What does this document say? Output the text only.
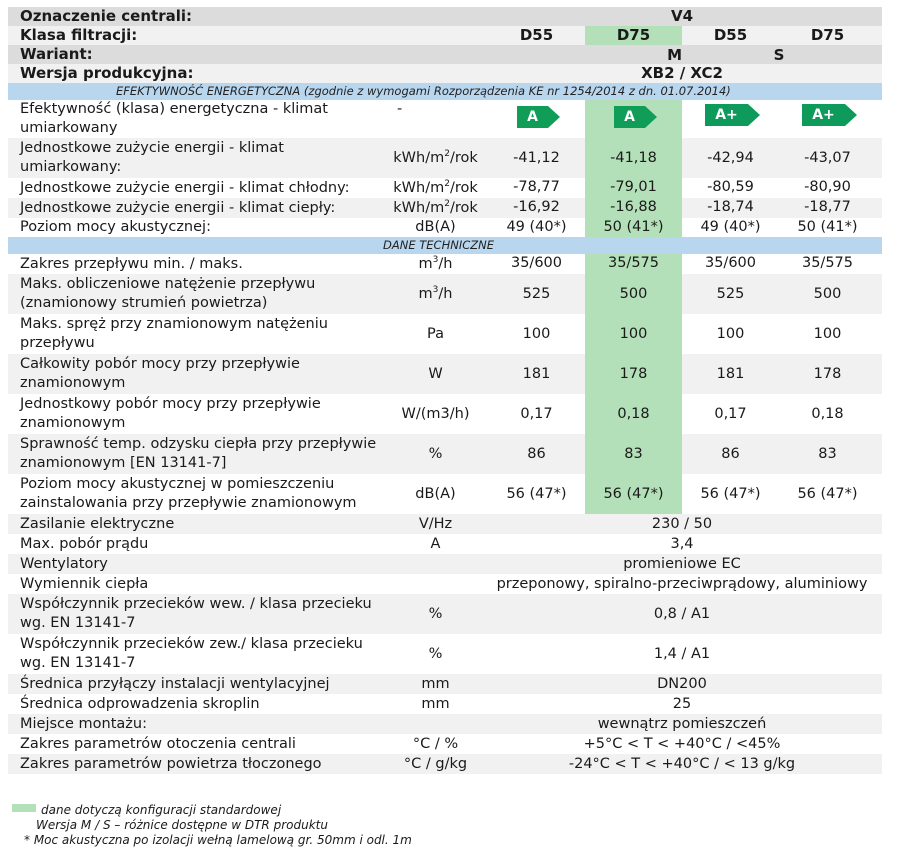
Oznaczenie centrali:	V4
Klasa filtracji:	D55	D75	D55	D75
Wariant:	M	S
Wersja produkcyjna:	XB2 / XC2
EFEKTYWNOŚĆ ENERGETYCZNA (zgodnie z wymogami Rozporządzenia KE nr 1254/2014 z dn. 01.07.2014)
Efektywność (klasa) energetyczna - klimat umiarkowany
-	A	A	A+	A+
Jednostkowe zużycie energii - klimat umiarkowany:
kWh/$m^2$/rok	-41,12	-41,18	-42,94	-43,07
Jednostkowe zużycie energii - klimat chłodny:	kWh/$m^2$/rok	-78,77	-79,01	-80,59	-80,90
Jednostkowe zużycie energii - klimat ciepły:	kWh/$m^2$/rok	-16,92	-16,88	-18,74	-18,77
Poziom mocy akustycznej:	dB(A)	49 (40*)	50 (41*)	49 (40*)	50 (41*)
DANE TECHNICZNE
Zakres przepływu min. / maks.	$m^3/h$	35/600	35/575	35/600	35/575
Maks. obliczeniowe natężenie przepływu (znamionowy strumień powietrza)
$m^3/h$	525	500	525	500
Maks. spręż przy znamionowym natężeniu przepływu
Pa	100	100	100	100
Całkowity pobór mocy przy przepływie znamionowym
W	181	178	181	178
Jednostkowy pobór mocy przy przepływie znamionowym
W/(m3/h)	0,17	0,18	0,17	0,18
Sprawność temp. odzysku ciepła przy przepływie znamionowym [EN 13141-7]
%	86	83	86	83
Poziom mocy akustycznej w pomieszczeniu zainstalowania przy przepływie znamionowym
dB(A)	56 (47*)	56 (47*)	56 (47*)	56 (47*)
Zasilanie elektryczne	V/Hz	230 / 50
Max. pobór prądu	A	3,4
Wentylatory	promieniowe EC
Wymiennik ciepła	przeponowy, spiralno-przeciwprądowy, aluminiowy
Współczynnik przecieków wew. / klasa przecieku wg. EN 13141-7
%	0,8 / A1
Współczynnik przecieków zew./ klasa przecieku wg. EN 13141-7
%	1,4 / A1
Średnica przyłączy instalacji wentylacyjnej	mm	DN200
Średnica odprowadzenia skroplin	mm	25
Miejsce montażu:	wewnątrz pomieszczeń
Zakres parametrów otoczenia centrali	°C / %	+5°C < T < +40°C / <45%
Zakres parametrów powietrza tłoczonego	°C / g/kg	-24°C < T < +40°C / < 13 g/kg
dane dotyczą konfiguracji standardowej
Wersja M / S – różnice dostępne w DTR produktu
* Moc akustyczna po izolacji wełną lamelową gr. 50mm i odl. 1m
